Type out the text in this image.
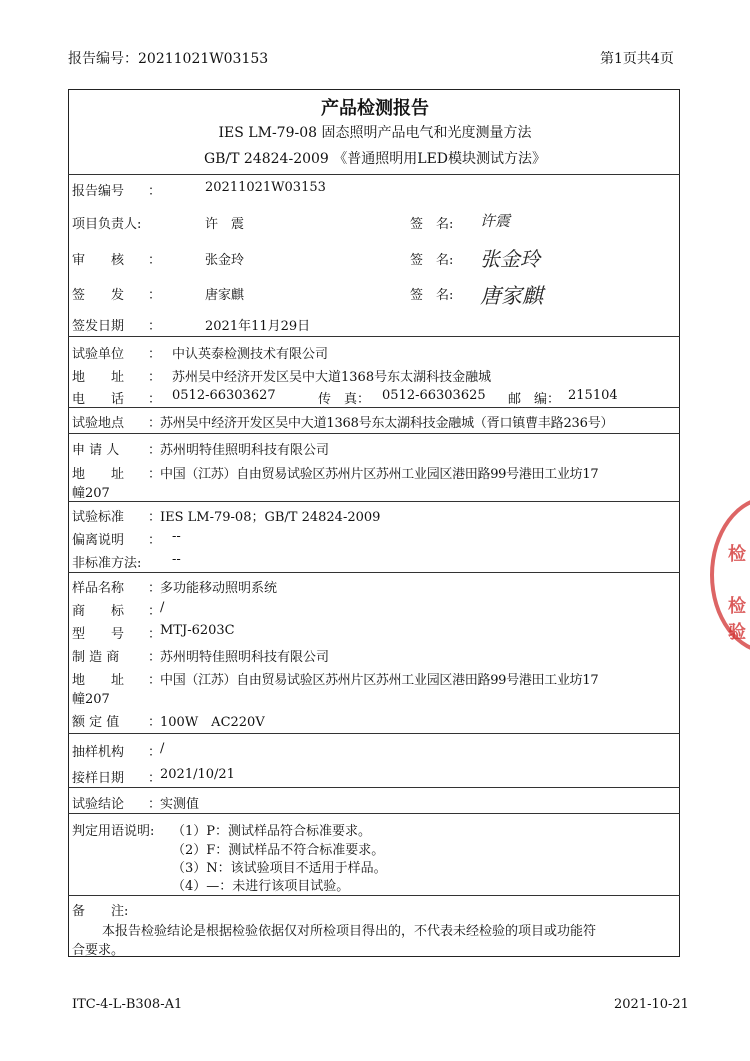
报告编号：20211021W03153	第1页共4页
产品检测报告
IES LM-79-08 固态照明产品电气和光度测量方法
GB/T 24824-2009 《普通照明用LED模块测试方法》
报告编号 ：	20211021W03153
项目负责人:	许　震	签　名: 许震
审　　核 ：	张金玲	签　名: 张金玲
签　　发 ：	唐家麒	签　名: 唐家麒
签发日期 ：	2021年11月29日
试验单位 ： 中认英泰检测技术有限公司
地　　址 ： 苏州吴中经济开发区吴中大道1368号东太湖科技金融城
电　　话 ： 0512-66303627	传　真： 0512-66303625 邮　编： 215104
试验地点 ：
苏州吴中经济开发区吴中大道1368号东太湖科技金融城（胥口镇曹丰路236号）
申 请 人 ：
苏州明特佳照明科技有限公司
地　　址 ：
中国（江苏）自由贸易试验区苏州片区苏州工业园区港田路99号港田工业坊17
幢207
试验标准 ：
IES LM-79-08；GB/T 24824-2009
偏离说明 ： --
非标准方法: --
样品名称 ：
多功能移动照明系统
商　　标 ：
/
型　　号 ：
MTJ-6203C
制 造 商 ：
苏州明特佳照明科技有限公司
地　　址 ：
中国（江苏）自由贸易试验区苏州片区苏州工业园区港田路99号港田工业坊17
幢207
额 定 值 ：
100W　AC220V
抽样机构 ：
/
接样日期 ：
2021/10/21
试验结论 ：
实测值
判定用语说明: （1）P：测试样品符合标准要求。
（2）F：测试样品不符合标准要求。
（3）N：该试验项目不适用于样品。
（4）—：未进行该项目试验。
备　　注:
本报告检验结论是根据检验依据仅对所检项目得出的，不代表未经检验的项目或功能符
合要求。
ITC-4-L-B308-A1	2021-10-21
检
检验
